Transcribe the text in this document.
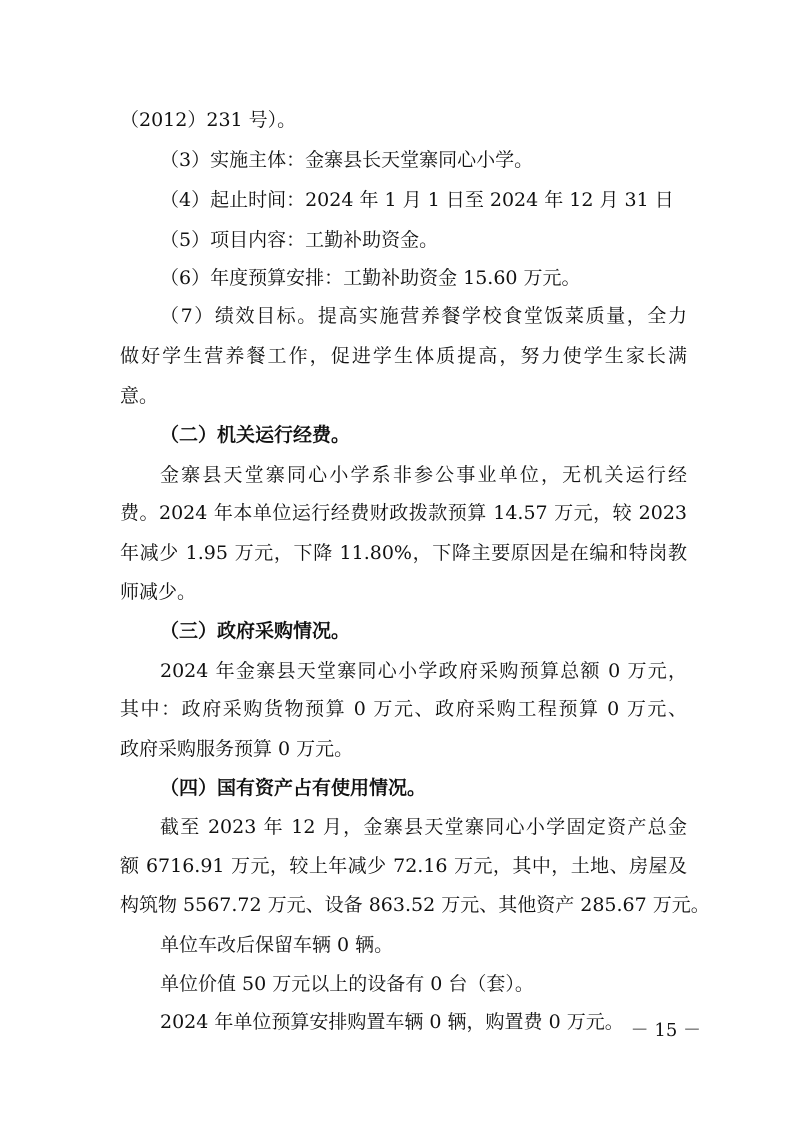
（2012）231 号）。
（3）实施主体：金寨县长天堂寨同心小学。
（4）起止时间：2024 年 1 月 1 日至 2024 年 12 月 31 日
（5）项目内容：工勤补助资金。
（6）年度预算安排：工勤补助资金 15.60 万元。
（7）绩效目标。提高实施营养餐学校食堂饭菜质量，全力
做好学生营养餐工作，促进学生体质提高，努力使学生家长满
意。
（二）机关运行经费。
金寨县天堂寨同心小学系非参公事业单位，无机关运行经
费。2024 年本单位运行经费财政拨款预算 14.57 万元，较 2023
年减少 1.95 万元，下降 11.80%，下降主要原因是在编和特岗教
师减少。
（三）政府采购情况。
2024 年金寨县天堂寨同心小学政府采购预算总额 0 万元，
其中：政府采购货物预算 0 万元、政府采购工程预算 0 万元、
政府采购服务预算 0 万元。
（四）国有资产占有使用情况。
截至 2023 年 12 月，金寨县天堂寨同心小学固定资产总金
额 6716.91 万元，较上年减少 72.16 万元，其中，土地、房屋及
构筑物 5567.72 万元、设备 863.52 万元、其他资产 285.67 万元。
单位车改后保留车辆 0 辆。
单位价值 50 万元以上的设备有 0 台（套）。
2024 年单位预算安排购置车辆 0 辆，购置费 0 万元。 － 15 －
